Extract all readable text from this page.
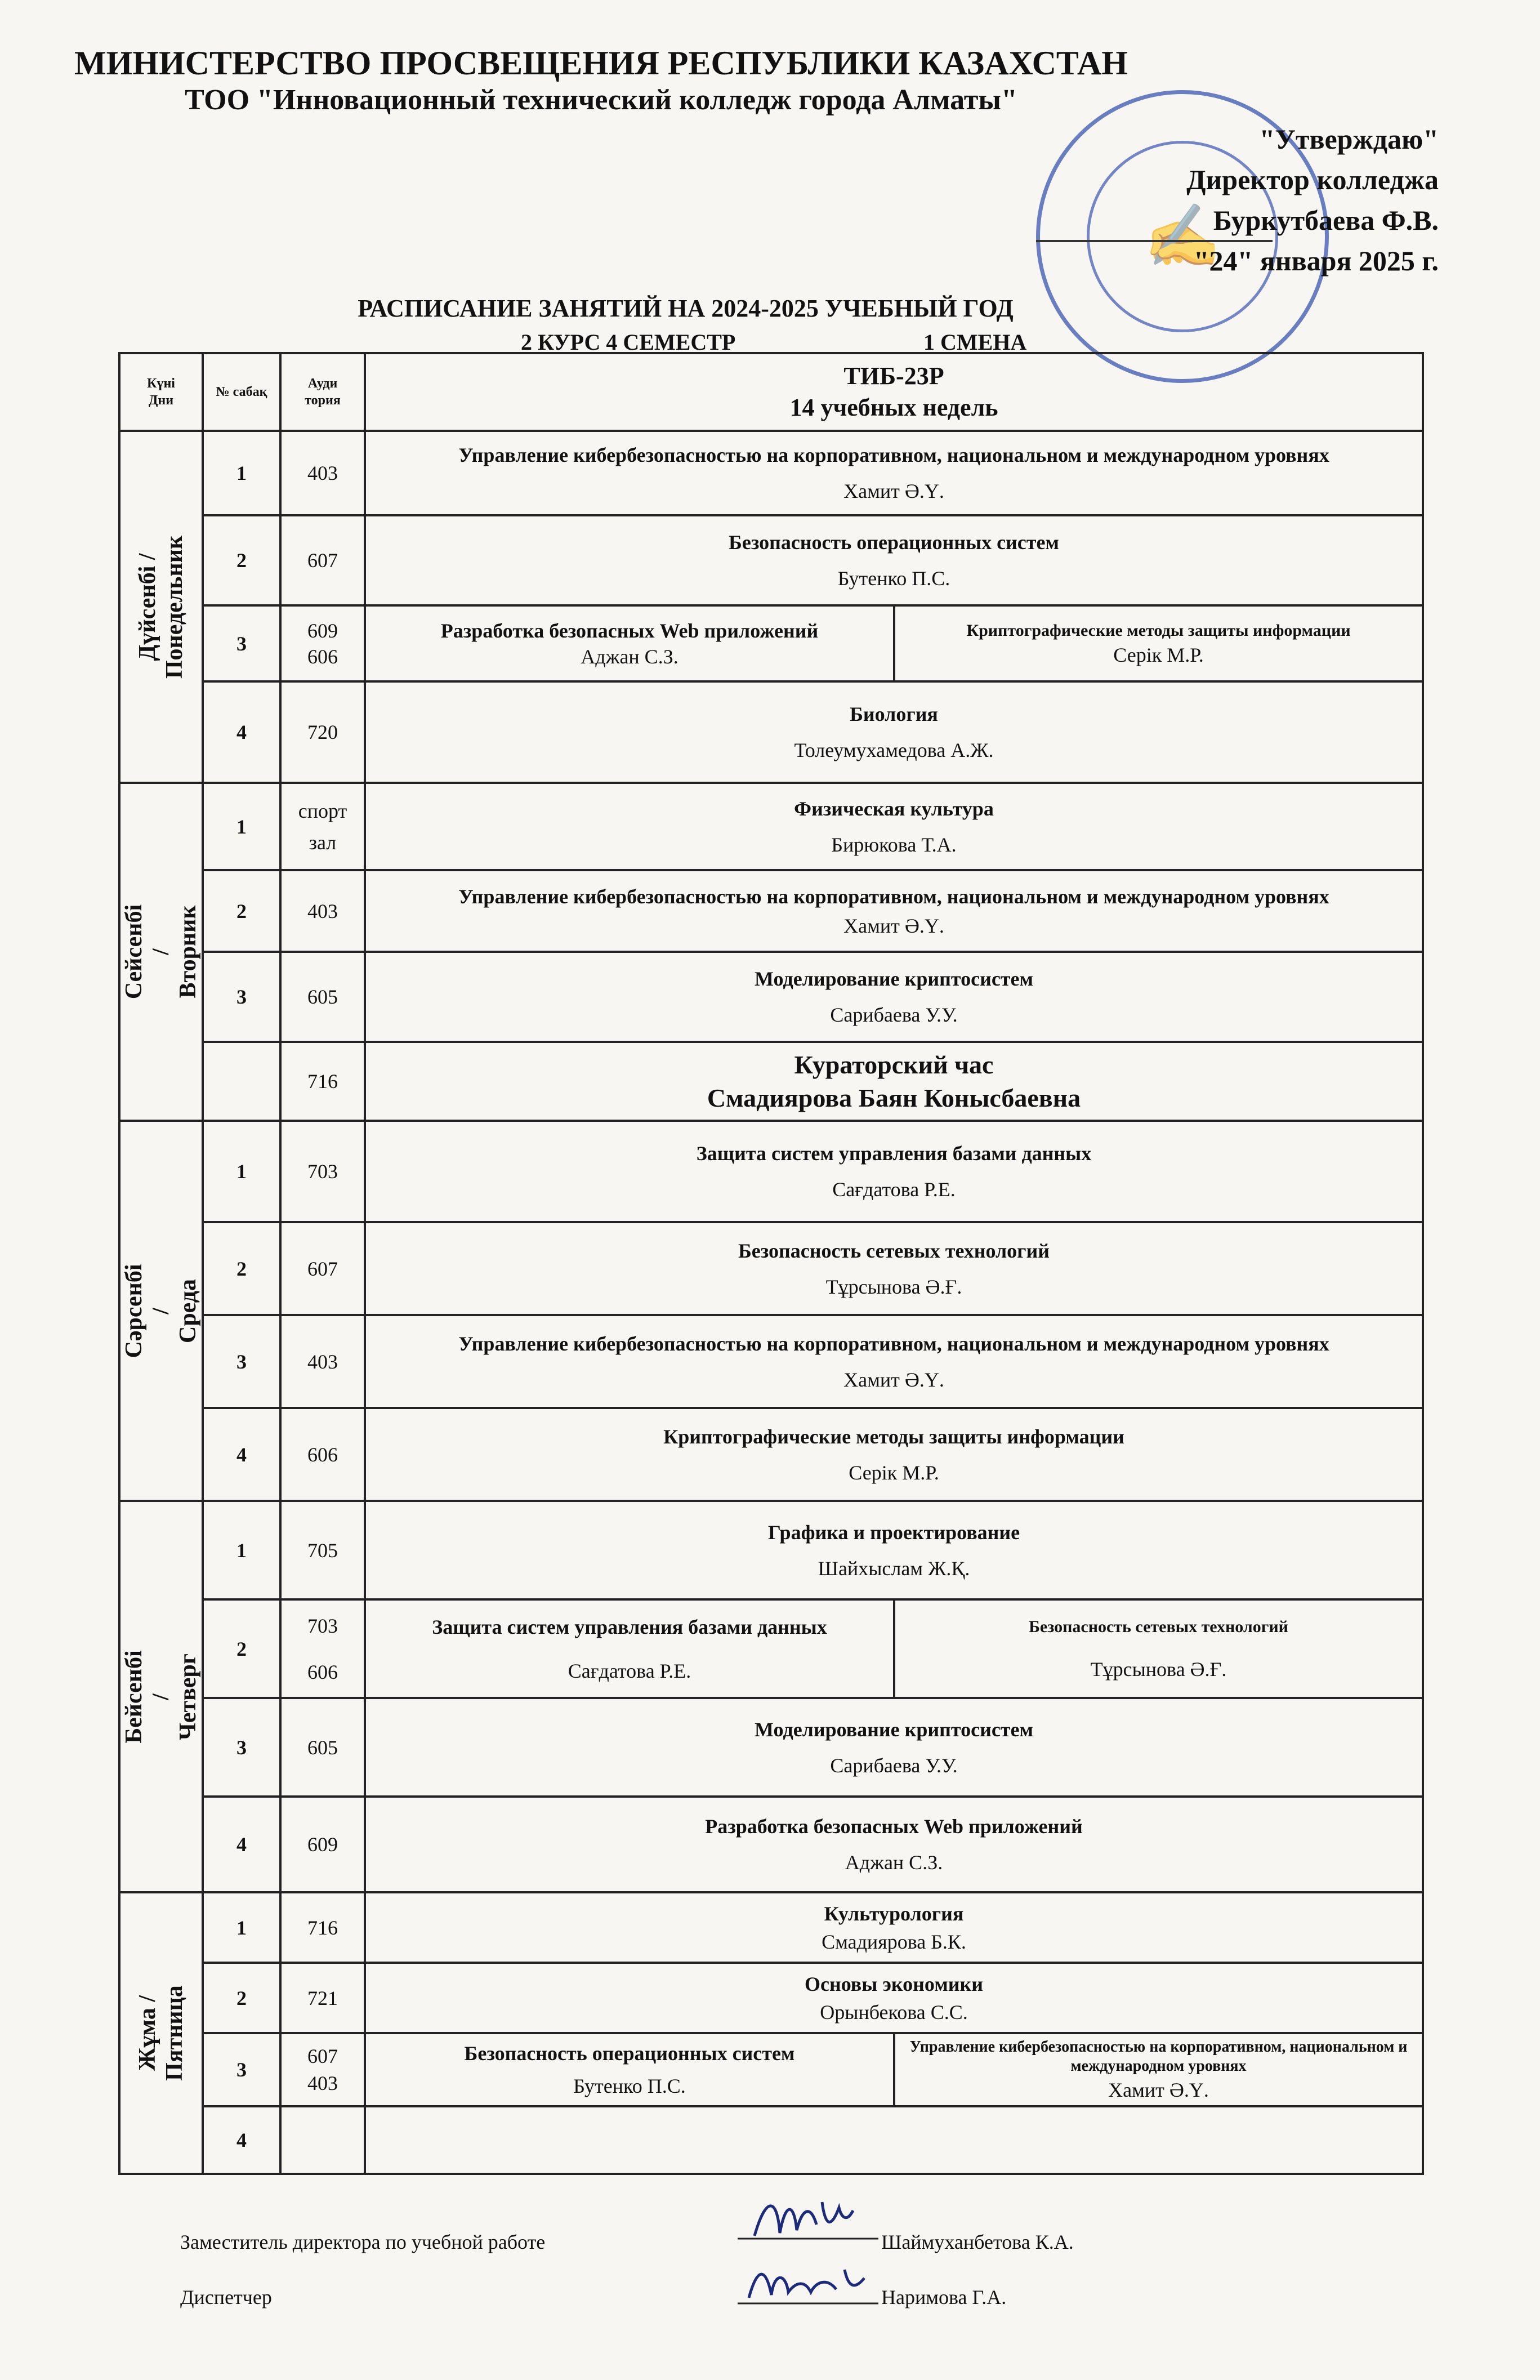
МИНИСТЕРСТВО ПРОСВЕЩЕНИЯ РЕСПУБЛИКИ КАЗАХСТАН
ТОО "Инновационный технический колледж города Алматы"
✍
"Утверждаю"
Директор колледжа
Буркутбаева Ф.В.
"24" января 2025 г.
РАСПИСАНИЕ ЗАНЯТИЙ НА 2024-2025 УЧЕБНЫЙ ГОД
2 КУРС 4 СЕМЕСТР	1 СМЕНА
Күні
Дни	№ сабақ	Ауди
тория	ТИБ-23Р
14 учебных недель	

Дүйсенбі /
Понедельник	1	403	Управление кибербезопасностью на корпоративном, национальном и международном уровнях
Хамит Ә.Ү.	

	2	607	Безопасность операционных систем
Бутенко П.С.	

	3	609
606	Разработка безопасных Web приложений
Аджан С.З.	Криптографические методы защиты информации
Серік М.Р.

	4	720	Биология
Толеумухамедова А.Ж.	

Сейсенбі /
Вторник	1	спорт
зал	Физическая культура
Бирюкова Т.А.	

	2	403	Управление кибербезопасностью на корпоративном, национальном и международном уровнях
Хамит Ә.Ү.	

	3	605	Моделирование криптосистем
Сарибаева У.У.	

		716	Кураторский час
Смадиярова Баян Конысбаевна	

Сәрсенбі /
Среда	1	703	Защита систем управления базами данных
Сағдатова Р.Е.	

	2	607	Безопасность сетевых технологий
Тұрсынова Ә.Ғ.	

	3	403	Управление кибербезопасностью на корпоративном, национальном и международном уровнях
Хамит Ә.Ү.	

	4	606	Криптографические методы защиты информации
Серік М.Р.	

Бейсенбі /
Четверг	1	705	Графика и проектирование
Шайхыслам Ж.Қ.	

	2	703
606	Защита систем управления базами данных
Сағдатова Р.Е.	Безопасность сетевых технологий
Тұрсынова Ә.Ғ.

	3	605	Моделирование криптосистем
Сарибаева У.У.	

	4	609	Разработка безопасных Web приложений
Аджан С.З.	

Жұма /
Пятница	1	716	Культурология
Смадиярова Б.К.	

	2	721	Основы экономики
Орынбекова С.С.	

	3	607
403	Безопасность операционных систем
Бутенко П.С.	Управление кибербезопасностью на корпоративном, национальном и международном уровнях
Хамит Ә.Ү.

	4			
Заместитель директора по учебной работе	Шаймуханбетова К.А.
Диспетчер	Наримова Г.А.
